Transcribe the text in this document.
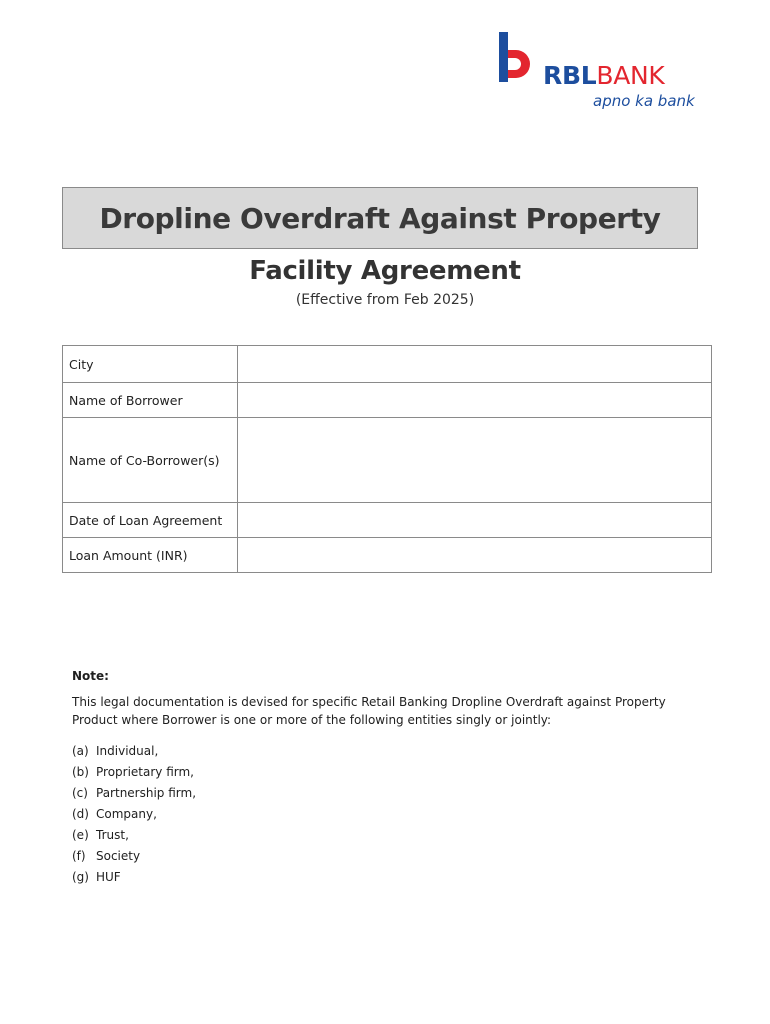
RBLBANK
apno ka bank
Dropline Overdraft Against Property
Facility Agreement
(Effective from Feb 2025)
City	
Name of Borrower	
Name of Co-Borrower(s)	
Date of Loan Agreement	
Loan Amount (INR)	
Note:
This legal documentation is devised for specific Retail Banking Dropline Overdraft against Property Product where Borrower is one or more of the following entities singly or jointly:
(a) Individual,
(b) Proprietary firm,
(c) Partnership firm,
(d) Company,
(e) Trust,
(f) Society
(g) HUF
